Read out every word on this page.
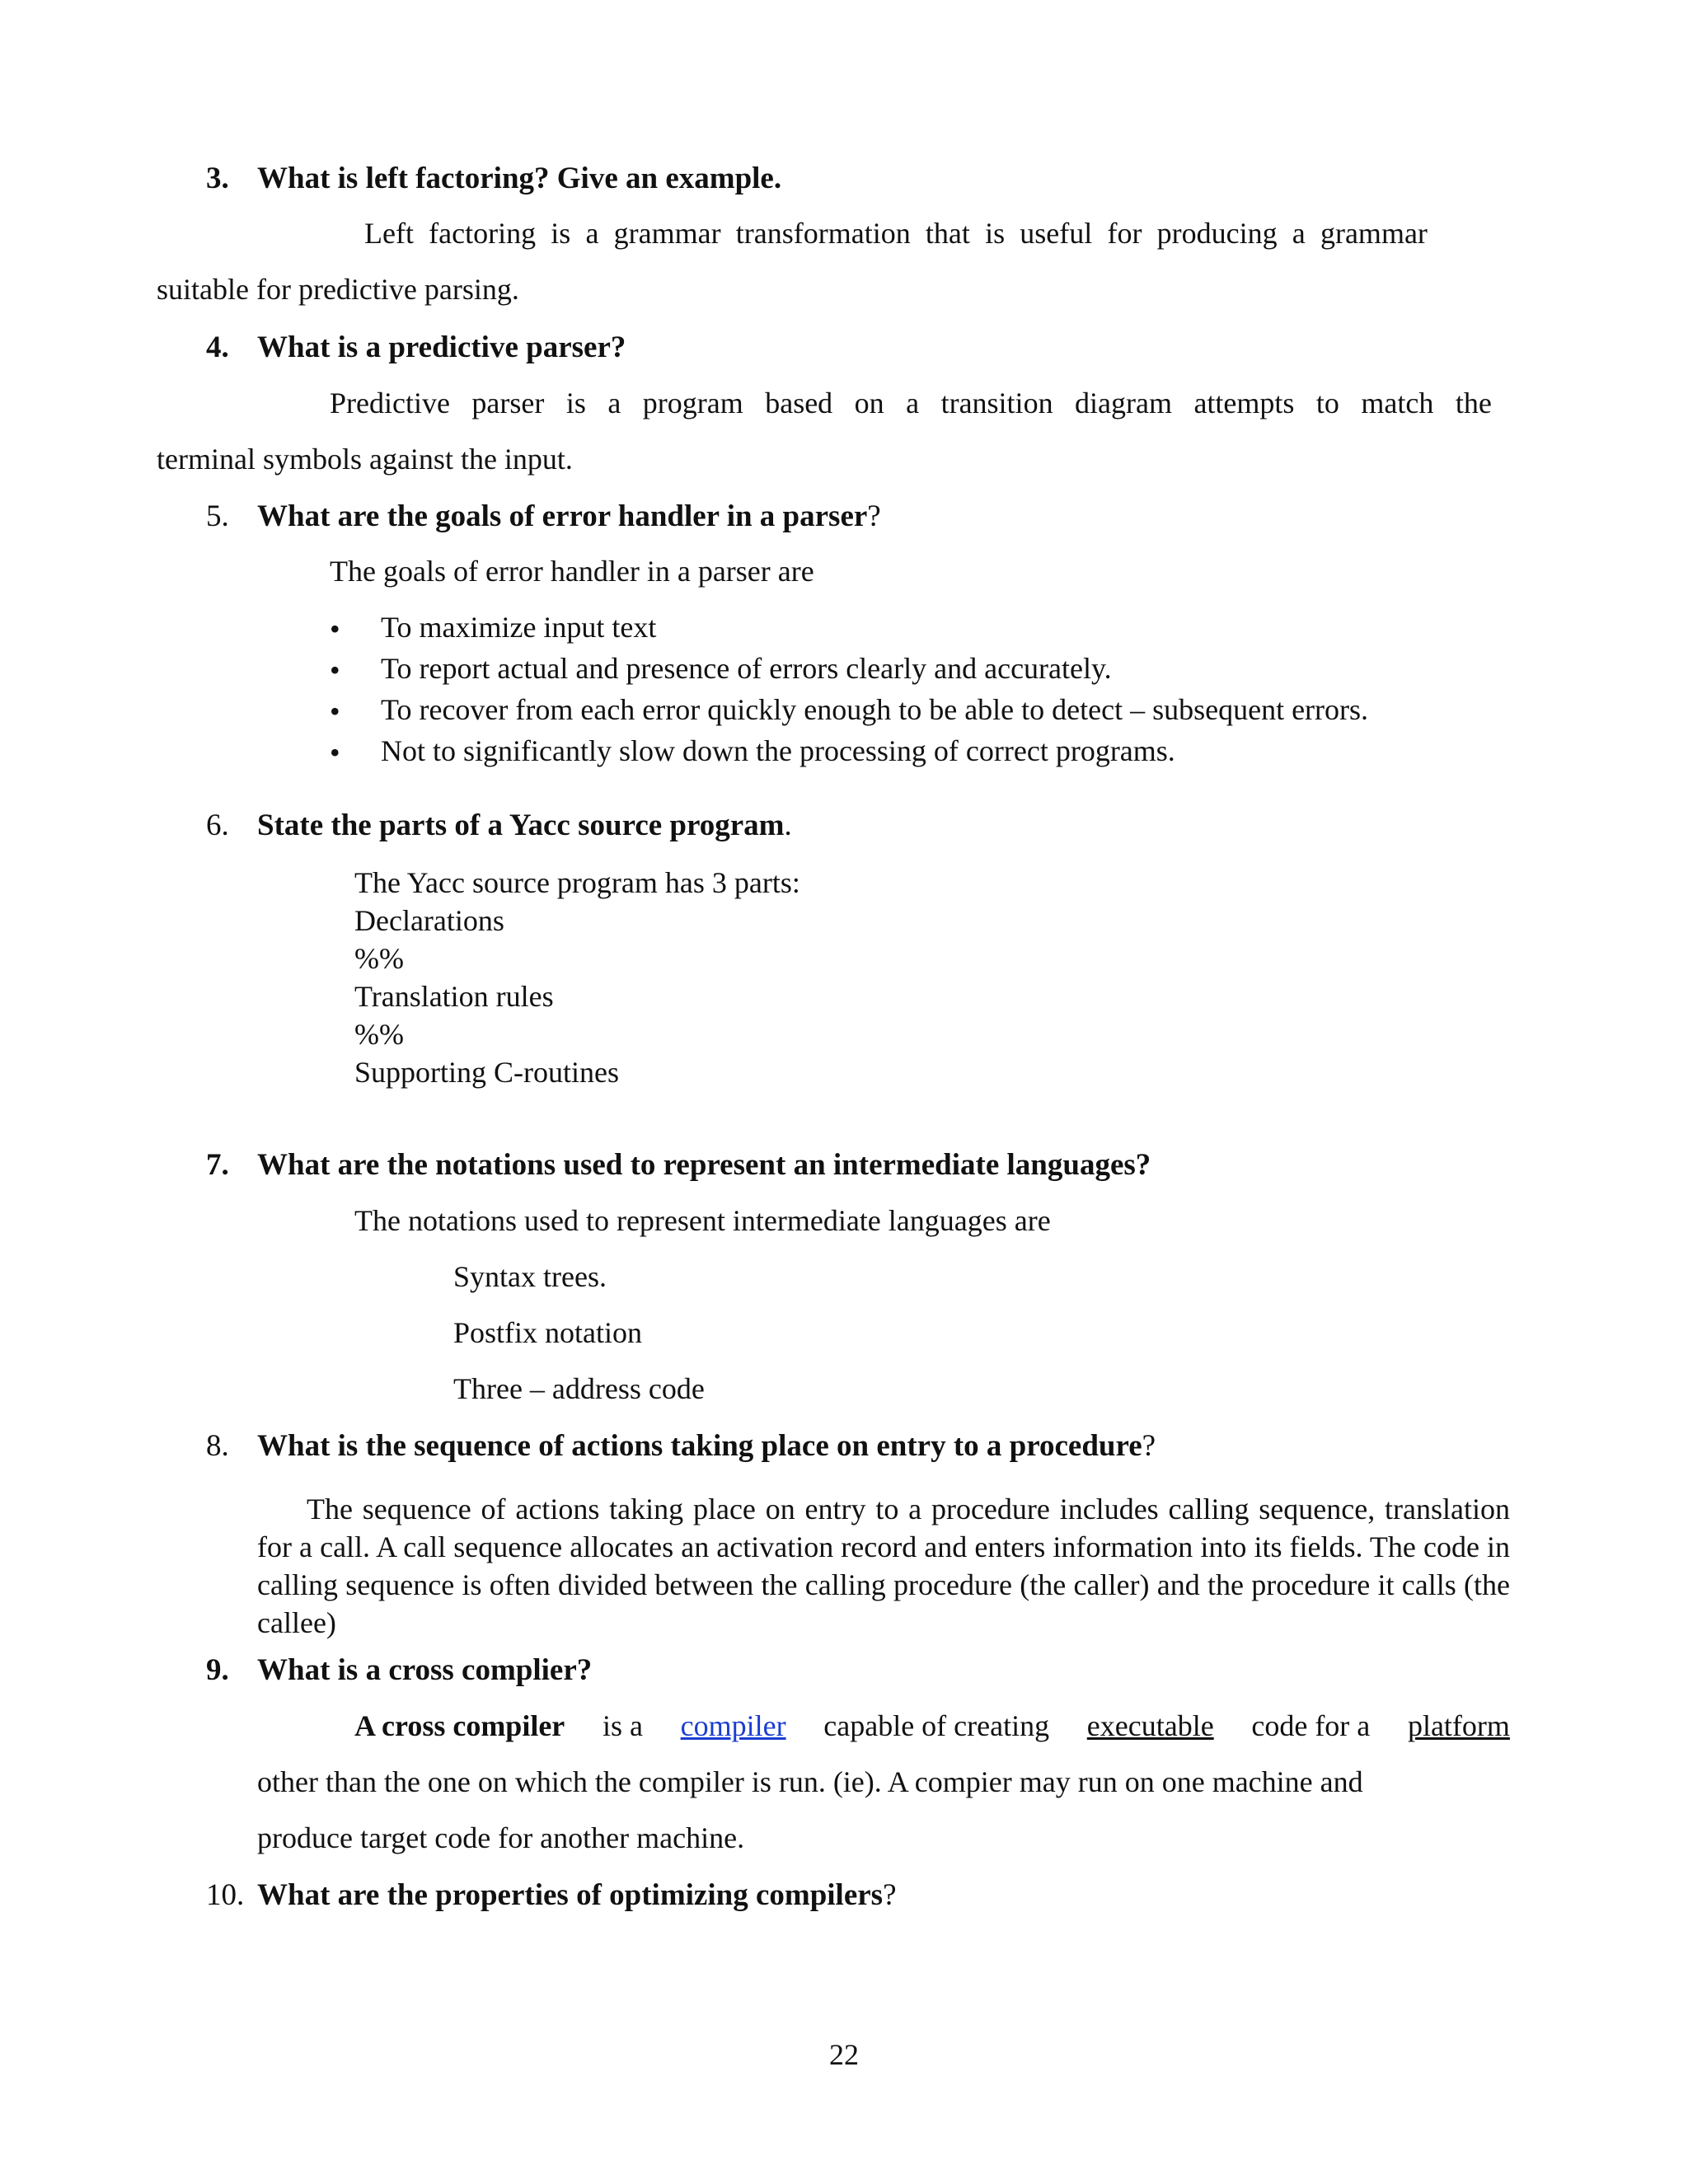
3. What is left factoring? Give an example.
Left factoring is a grammar transformation that is useful for producing a grammar
suitable for predictive parsing.
4. What is a predictive parser?
Predictive parser is a program based on a transition diagram attempts to match the
terminal symbols against the input.
5. What are the goals of error handler in a parser?
The goals of error handler in a parser are
• To maximize input text
• To report actual and presence of errors clearly and accurately.
• To recover from each error quickly enough to be able to detect – subsequent errors.
• Not to significantly slow down the processing of correct programs.
6. State the parts of a Yacc source program.
The Yacc source program has 3 parts:
Declarations
%%
Translation rules
%%
Supporting C-routines
7. What are the notations used to represent an intermediate languages?
The notations used to represent intermediate languages are
Syntax trees.
Postfix notation
Three – address code
8. What is the sequence of actions taking place on entry to a procedure?
The sequence of actions taking place on entry to a procedure includes calling sequence, translation for a call. A call sequence allocates an activation record and enters information into its fields. The code in calling sequence is often divided between the calling procedure (the caller) and the procedure it calls (the callee)
9. What is a cross complier?
A cross compiler is a compiler capable of creating executable code for a platform
other than the one on which the compiler is run. (ie). A compier may run on one machine and
produce target code for another machine.
10. What are the properties of optimizing compilers?
22
